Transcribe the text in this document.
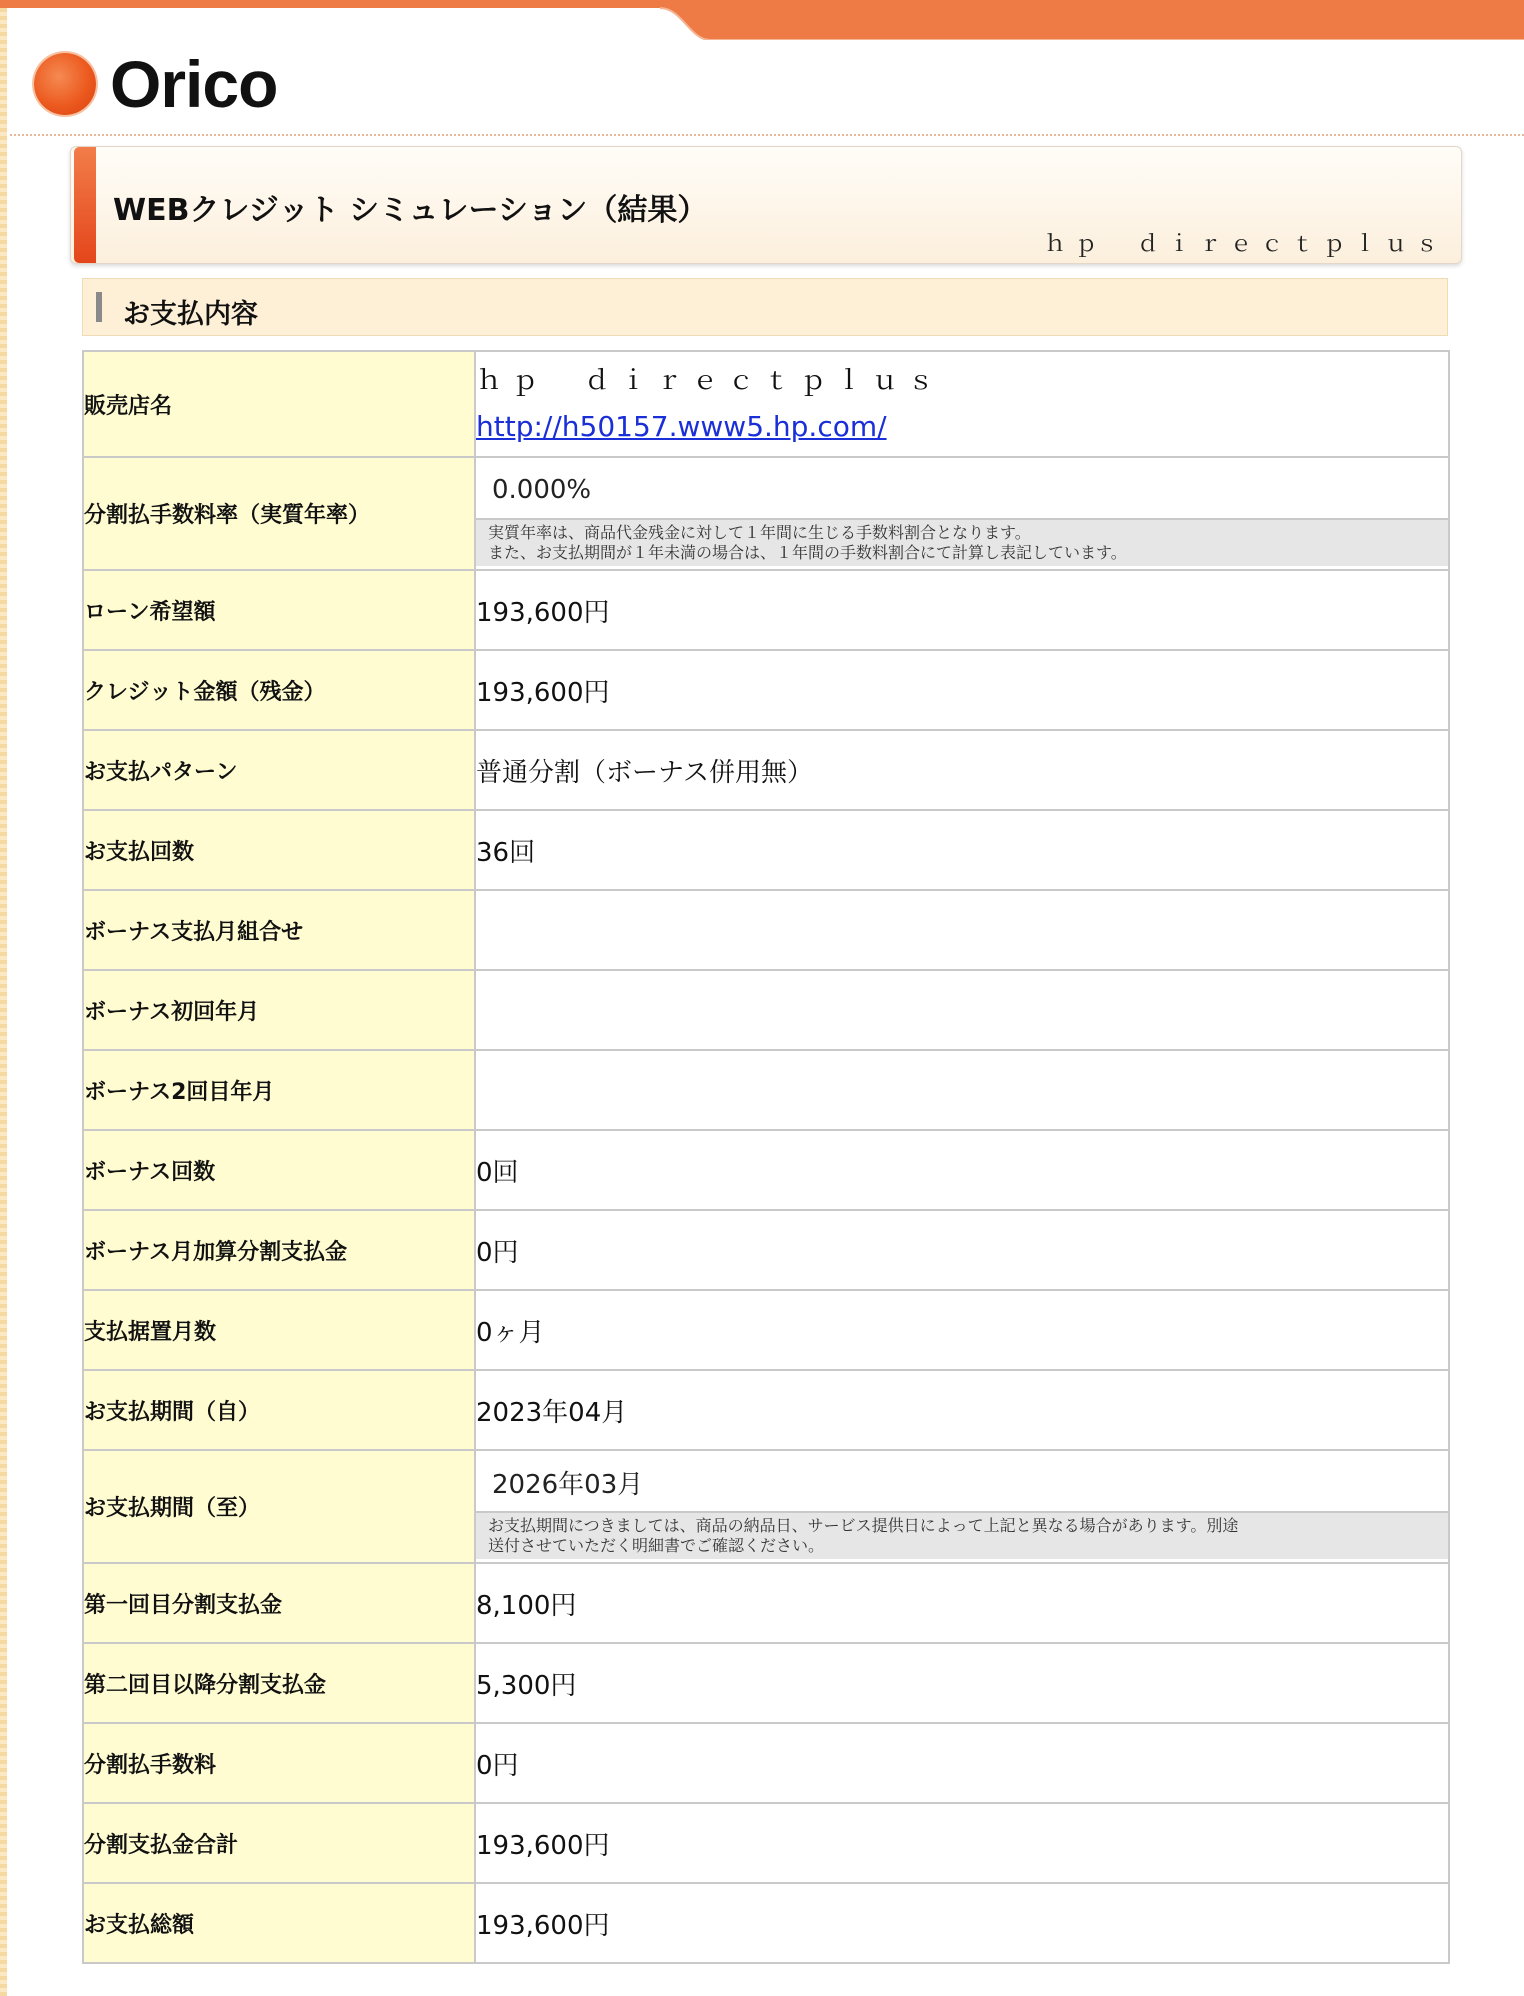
Orico
WEBクレジット シミュレーション（結果）
ｈｐ　ｄｉｒｅｃｔｐｌｕｓ
お支払内容
販売店名	ｈｐ　ｄｉｒｅｃｔｐｌｕｓ
http://h50157.www5.hp.com/
分割払手数料率（実質年率）	0.000%
実質年率は、商品代金残金に対して１年間に生じる手数料割合となります。
また、お支払期間が１年未満の場合は、１年間の手数料割合にて計算し表記しています。

ローン希望額	193,600円
クレジット金額（残金）	193,600円
お支払パターン	普通分割（ボーナス併用無）
お支払回数	36回
ボーナス支払月組合せ	
ボーナス初回年月	
ボーナス2回目年月	
ボーナス回数	0回
ボーナス月加算分割支払金	0円
支払据置月数	0ヶ月
お支払期間（自）	2023年04月
お支払期間（至）	2026年03月
お支払期間につきましては、商品の納品日、サービス提供日によって上記と異なる場合があります。別途
送付させていただく明細書でご確認ください。

第一回目分割支払金	8,100円
第二回目以降分割支払金	5,300円
分割払手数料	0円
分割支払金合計	193,600円
お支払総額	193,600円
